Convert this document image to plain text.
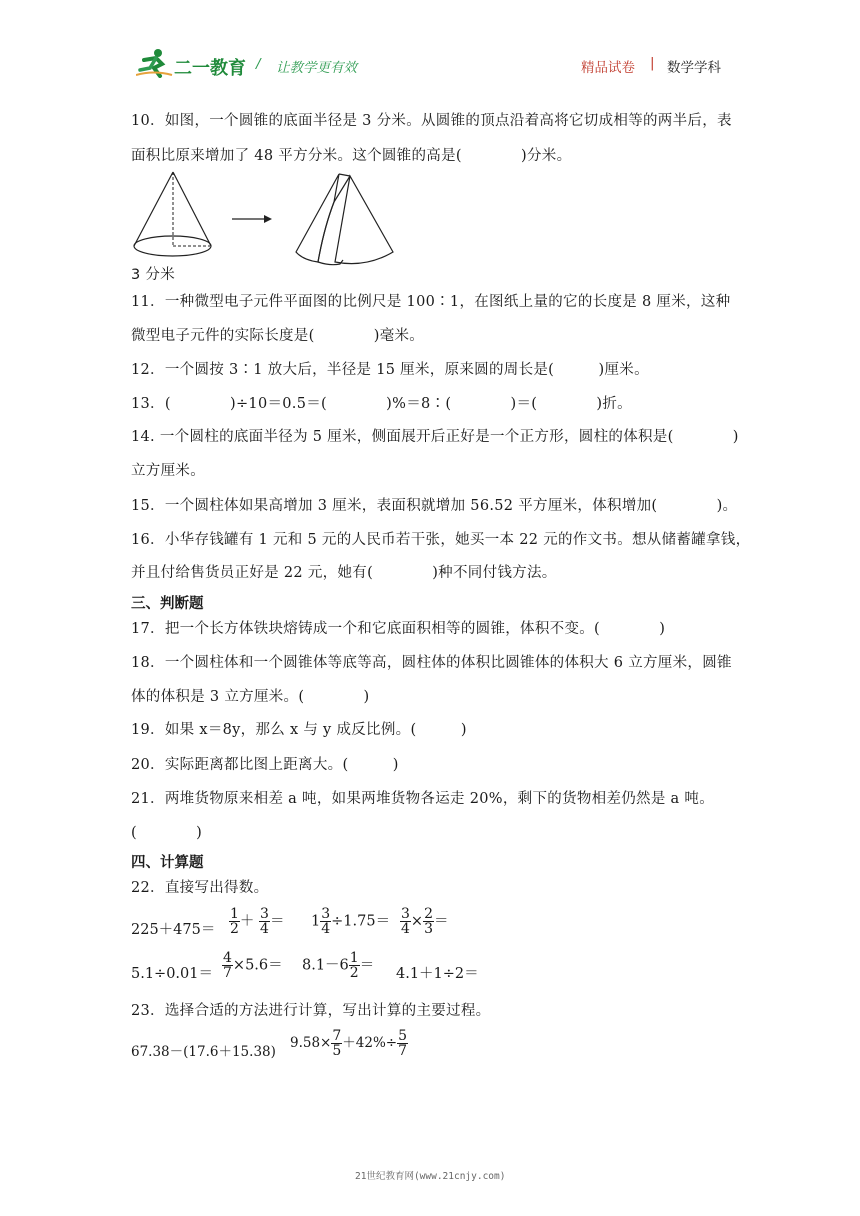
二一教育 / 让教学更有效	精品试卷 | 数学学科
10．如图，一个圆锥的底面半径是 3 分米。从圆锥的顶点沿着高将它切成相等的两半后，表
面积比原来增加了 48 平方分米。这个圆锥的高是(　　　　)分米。
3 分米
11．一种微型电子元件平面图的比例尺是 100∶1，在图纸上量的它的长度是 8 厘米，这种
微型电子元件的实际长度是(　　　　)毫米。
12．一个圆按 3∶1 放大后，半径是 15 厘米，原来圆的周长是(　　　)厘米。
13．(　　　　)÷10＝0.5＝(　　　　)%＝8∶(　　　　)＝(　　　　)折。
14. 一个圆柱的底面半径为 5 厘米，侧面展开后正好是一个正方形，圆柱的体积是(　　　　)
立方厘米。
15．一个圆柱体如果高增加 3 厘米，表面积就增加 56.52 平方厘米，体积增加(　　　　)。
16．小华存钱罐有 1 元和 5 元的人民币若干张，她买一本 22 元的作文书。想从储蓄罐拿钱，
并且付给售货员正好是 22 元，她有(　　　　)种不同付钱方法。
三、判断题
17．把一个长方体铁块熔铸成一个和它底面积相等的圆锥，体积不变。(　　　　)
18．一个圆柱体和一个圆锥体等底等高，圆柱体的体积比圆锥体的体积大 6 立方厘米，圆锥
体的体积是 3 立方厘米。(　　　　)
19．如果 x＝8y，那么 x 与 y 成反比例。(　　　)
20．实际距离都比图上距离大。(　　　)
21．两堆货物原来相差 a 吨，如果两堆货物各运走 20%，剩下的货物相差仍然是 a 吨。
(　　　　)
四、计算题
22．直接写出得数。
$225+475= \frac{1}{2} + \frac{3}{4} = 1 \frac{3}{4} \div 1.75= \frac{3}{4} \times \frac{2}{3}$ ＝
$5.1\div 0.01= \frac{4}{7} \times 5.6= 8.1-6 \frac{1}{2}$ ＝
4.1＋1÷2＝
23．选择合适的方法进行计算，写出计算的主要过程。
67.38－(17.6＋15.38)
$9.58\times \frac{7}{5} +42\%\div \frac{5}{7}$
21世纪教育网(www.21cnjy.com)
